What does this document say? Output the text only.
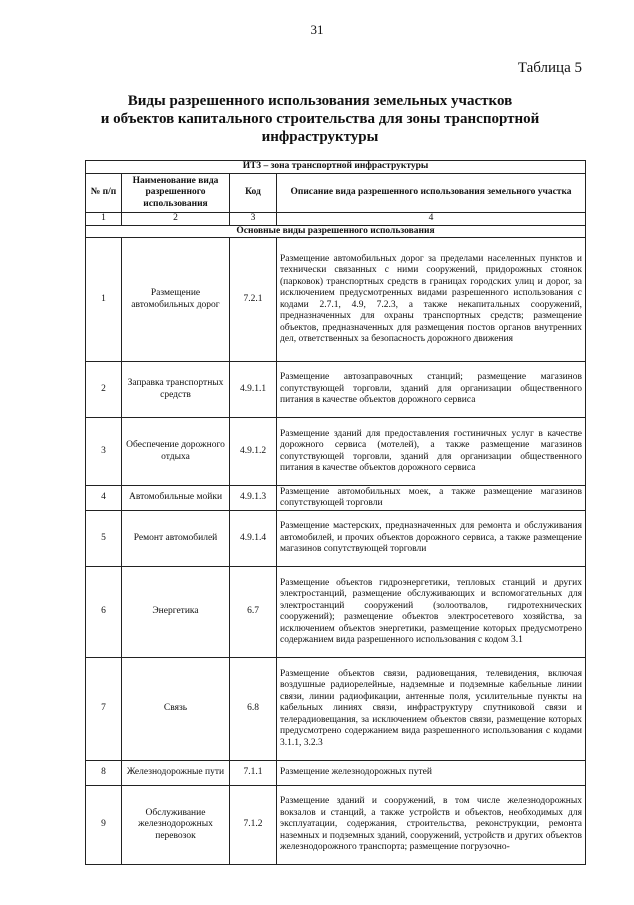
31
Таблица 5
Виды разрешенного использования земельных участков
и объектов капитального строительства для зоны транспортной
инфраструктуры
ИТ3 – зона транспортной инфраструктуры			
№ п/п	Наименование вида разрешенного использования	Код	Описание вида разрешенного использования земельного участка
1	2	3	4
Основные виды разрешенного использования			
1	Размещение автомобильных дорог	7.2.1	Размещение автомобильных дорог за пределами населенных пунктов и технически связанных с ними сооружений, придорожных стоянок (парковок) транспортных средств в границах городских улиц и дорог, за исключением предусмотренных видами разрешенного использования с кодами 2.7.1, 4.9, 7.2.3, а также некапитальных сооружений, предназначенных для охраны транспортных средств; размещение объектов, предназначенных для размещения постов органов внутренних дел, ответственных за безопасность дорожного движения
2	Заправка транспортных средств	4.9.1.1	Размещение автозаправочных станций; размещение магазинов сопутствующей торговли, зданий для организации общественного питания в качестве объектов дорожного сервиса
3	Обеспечение дорожного отдыха	4.9.1.2	Размещение зданий для предоставления гостиничных услуг в качестве дорожного сервиса (мотелей), а также размещение магазинов сопутствующей торговли, зданий для организации общественного питания в качестве объектов дорожного сервиса
4	Автомобильные мойки	4.9.1.3	Размещение автомобильных моек, а также размещение магазинов сопутствующей торговли
5	Ремонт автомобилей	4.9.1.4	Размещение мастерских, предназначенных для ремонта и обслуживания автомобилей, и прочих объектов дорожного сервиса, а также размещение магазинов сопутствующей торговли
6	Энергетика	6.7	Размещение объектов гидроэнергетики, тепловых станций и других электростанций, размещение обслуживающих и вспомогательных для электростанций сооружений (золоотвалов, гидротехнических сооружений); размещение объектов электросетевого хозяйства, за исключением объектов энергетики, размещение которых предусмотрено содержанием вида разрешенного использования с кодом 3.1
7	Связь	6.8	Размещение объектов связи, радиовещания, телевидения, включая воздушные радиорелейные, надземные и подземные кабельные линии связи, линии радиофикации, антенные поля, усилительные пункты на кабельных линиях связи, инфраструктуру спутниковой связи и телерадиовещания, за исключением объектов связи, размещение которых предусмотрено содержанием вида разрешенного использования с кодами 3.1.1, 3.2.3
8	Железнодорожные пути	7.1.1	Размещение железнодорожных путей
9	Обслуживание железнодорожных перевозок	7.1.2	Размещение зданий и сооружений, в том числе железнодорожных вокзалов и станций, а также устройств и объектов, необходимых для эксплуатации, содержания, строительства, реконструкции, ремонта наземных и подземных зданий, сооружений, устройств и других объектов железнодорожного транспорта; размещение погрузочно-
